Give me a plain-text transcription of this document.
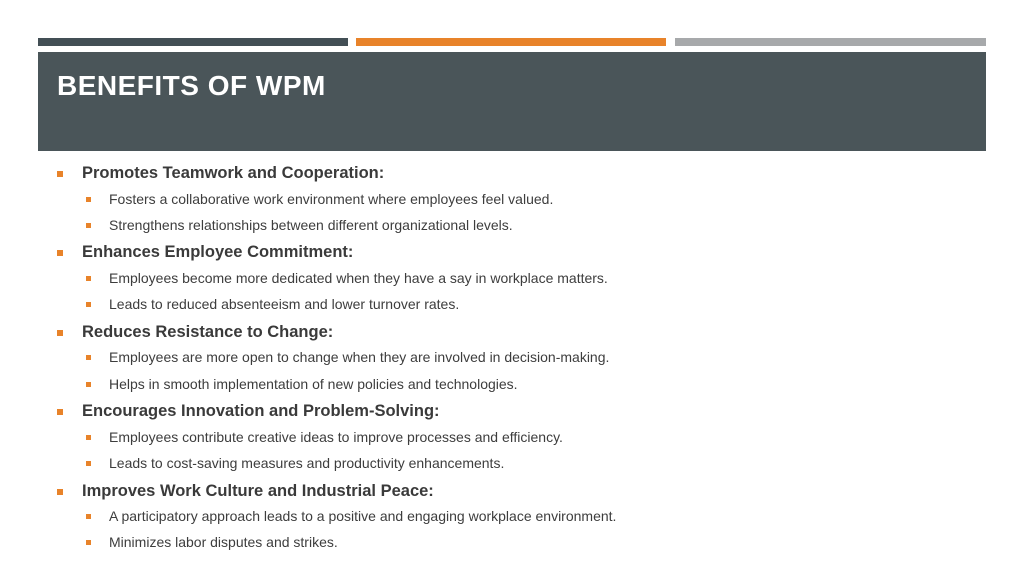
BENEFITS OF WPM
Promotes Teamwork and Cooperation:
Fosters a collaborative work environment where employees feel valued.
Strengthens relationships between different organizational levels.
Enhances Employee Commitment:
Employees become more dedicated when they have a say in workplace matters.
Leads to reduced absenteeism and lower turnover rates.
Reduces Resistance to Change:
Employees are more open to change when they are involved in decision-making.
Helps in smooth implementation of new policies and technologies.
Encourages Innovation and Problem-Solving:
Employees contribute creative ideas to improve processes and efficiency.
Leads to cost-saving measures and productivity enhancements.
Improves Work Culture and Industrial Peace:
A participatory approach leads to a positive and engaging workplace environment.
Minimizes labor disputes and strikes.
